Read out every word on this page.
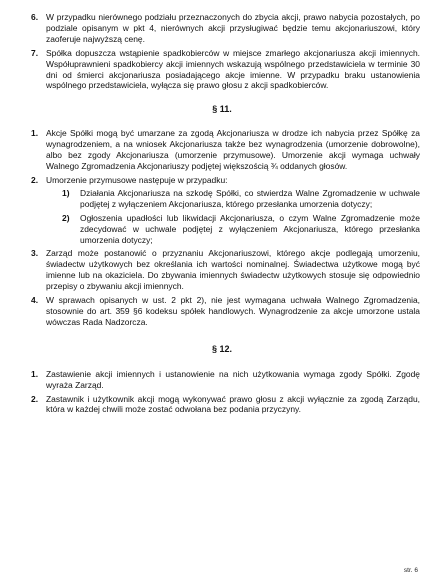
6. W przypadku nierównego podziału przeznaczonych do zbycia akcji, prawo nabycia pozostałych, po podziale opisanym w pkt 4, nierównych akcji przysługiwać będzie temu akcjonariuszowi, który zaoferuje najwyższą cenę.
7. Spółka dopuszcza wstąpienie spadkobierców w miejsce zmarłego akcjonariusza akcji imiennych. Współuprawnieni spadkobiercy akcji imiennych wskazują wspólnego przedstawiciela w terminie 30 dni od śmierci akcjonariusza posiadającego akcje imienne. W przypadku braku ustanowienia wspólnego przedstawiciela, wyłącza się prawo głosu z akcji spadkobierców.
§ 11.
1. Akcje Spółki mogą być umarzane za zgodą Akcjonariusza w drodze ich nabycia przez Spółkę za wynagrodzeniem, a na wniosek Akcjonariusza także bez wynagrodzenia (umorzenie dobrowolne), albo bez zgody Akcjonariusza (umorzenie przymusowe). Umorzenie akcji wymaga uchwały Walnego Zgromadzenia Akcjonariuszy podjętej większością ¾ oddanych głosów.
2. Umorzenie przymusowe następuje w przypadku:
1) Działania Akcjonariusza na szkodę Spółki, co stwierdza Walne Zgromadzenie w uchwale podjętej z wyłączeniem Akcjonariusza, którego przesłanka umorzenia dotyczy;
2) Ogłoszenia upadłości lub likwidacji Akcjonariusza, o czym Walne Zgromadzenie może zdecydować w uchwale podjętej z wyłączeniem Akcjonariusza, którego przesłanka umorzenia dotyczy;
3. Zarząd może postanowić o przyznaniu Akcjonariuszowi, którego akcje podlegają umorzeniu, świadectw użytkowych bez określania ich wartości nominalnej. Świadectwa użytkowe mogą być imienne lub na okaziciela. Do zbywania imiennych świadectw użytkowych stosuje się odpowiednio przepisy o zbywaniu akcji imiennych.
4. W sprawach opisanych w ust. 2 pkt 2), nie jest wymagana uchwała Walnego Zgromadzenia, stosownie do art. 359 §6 kodeksu spółek handlowych. Wynagrodzenie za akcje umorzone ustala wówczas Rada Nadzorcza.
§ 12.
1. Zastawienie akcji imiennych i ustanowienie na nich użytkowania wymaga zgody Spółki. Zgodę wyraża Zarząd.
2. Zastawnik i użytkownik akcji mogą wykonywać prawo głosu z akcji wyłącznie za zgodą Zarządu, która w każdej chwili może zostać odwołana bez podania przyczyny.
str. 6
